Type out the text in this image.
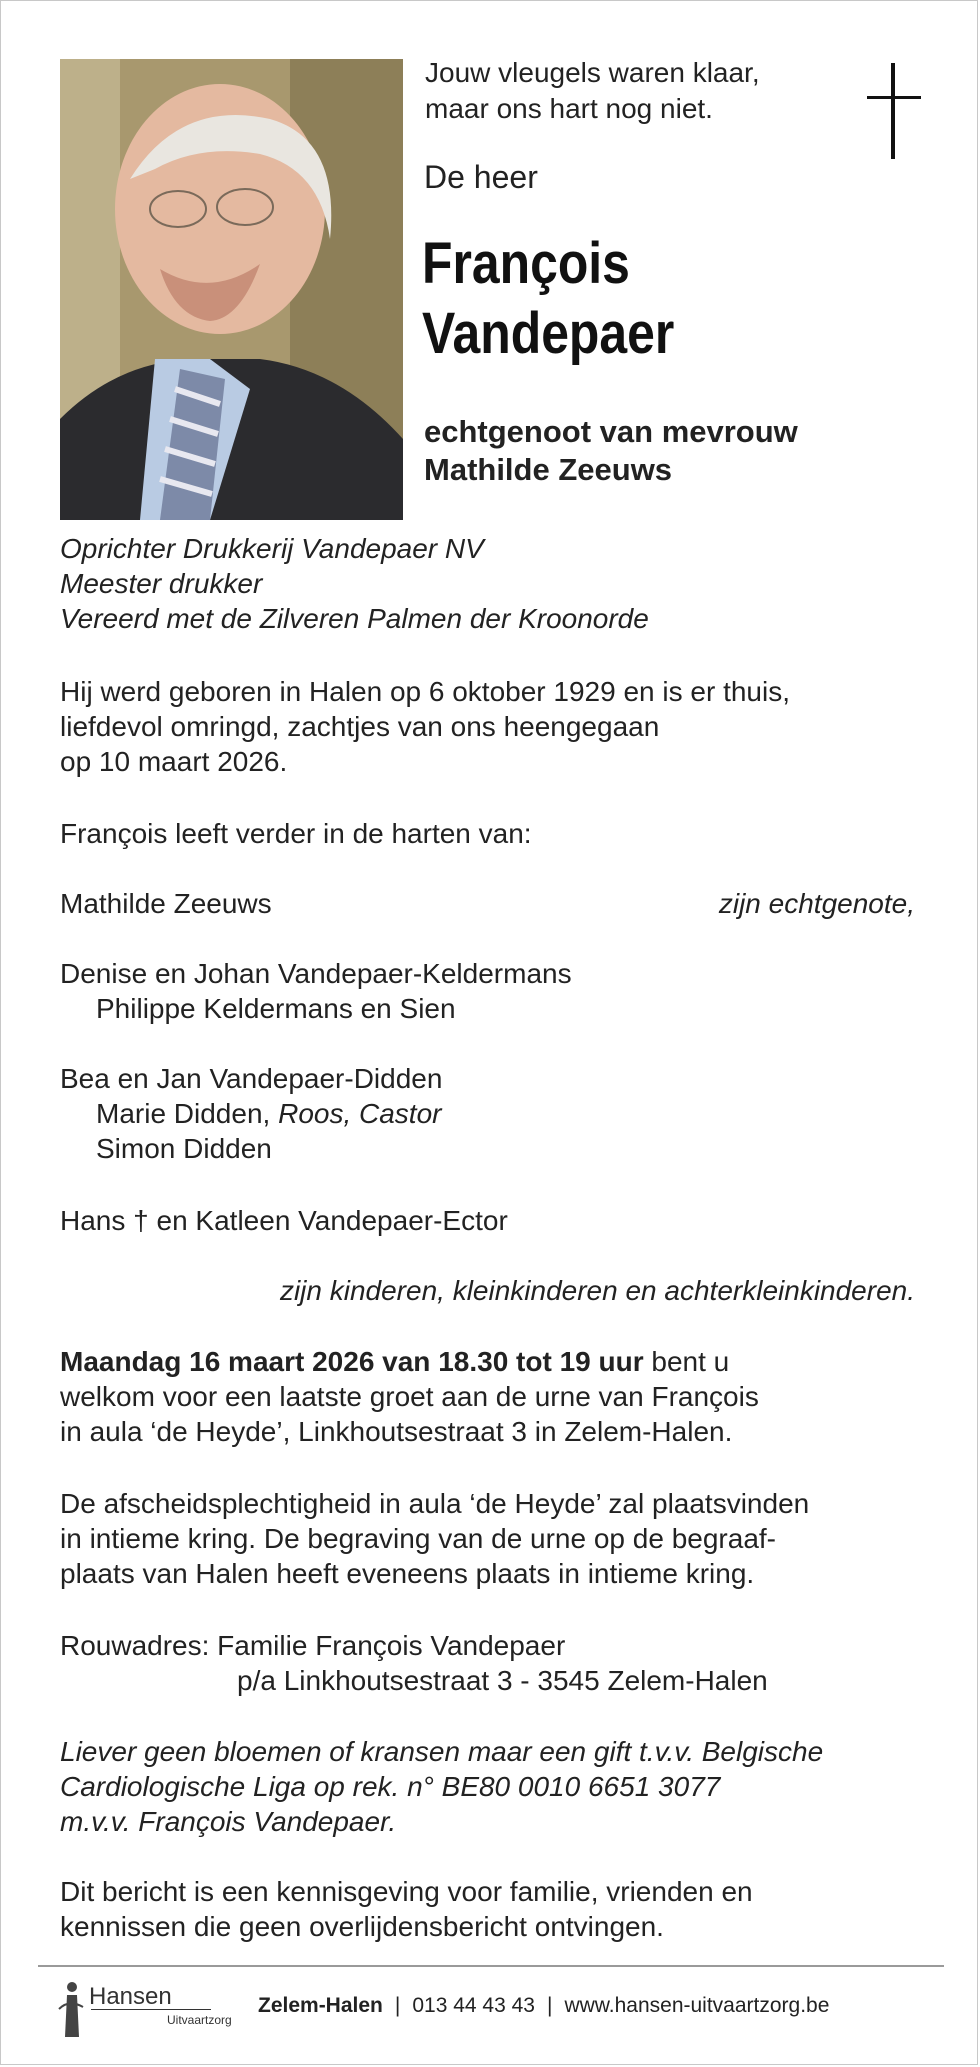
Jouw vleugels waren klaar,
maar ons hart nog niet.
De heer
François
Vandepaer
echtgenoot van mevrouw
Mathilde Zeeuws
Oprichter Drukkerij Vandepaer NV
Meester drukker
Vereerd met de Zilveren Palmen der Kroonorde
Hij werd geboren in Halen op 6 oktober 1929 en is er thuis,
liefdevol omringd, zachtjes van ons heengegaan
op 10 maart 2026.
François leeft verder in de harten van:
Mathilde Zeeuws	zijn echtgenote,
Denise en Johan Vandepaer-Keldermans
Philippe Keldermans en Sien
Bea en Jan Vandepaer-Didden
Marie Didden, Roos, Castor
Simon Didden
Hans † en Katleen Vandepaer-Ector
zijn kinderen, kleinkinderen en achterkleinkinderen.
Maandag 16 maart 2026 van 18.30 tot 19 uur bent u
welkom voor een laatste groet aan de urne van François
in aula ‘de Heyde’, Linkhoutsestraat 3 in Zelem-Halen.
De afscheidsplechtigheid in aula ‘de Heyde’ zal plaatsvinden
in intieme kring. De begraving van de urne op de begraaf-
plaats van Halen heeft eveneens plaats in intieme kring.
Rouwadres: Familie François Vandepaer
p/a Linkhoutsestraat 3 - 3545 Zelem-Halen
Liever geen bloemen of kransen maar een gift t.v.v. Belgische
Cardiologische Liga op rek. n° BE80 0010 6651 3077
m.v.v. François Vandepaer.
Dit bericht is een kennisgeving voor familie, vrienden en
kennissen die geen overlijdensbericht ontvingen.
Hansen
Uitvaartzorg
Zelem-Halen | 013 44 43 43 | www.hansen-uitvaartzorg.be
